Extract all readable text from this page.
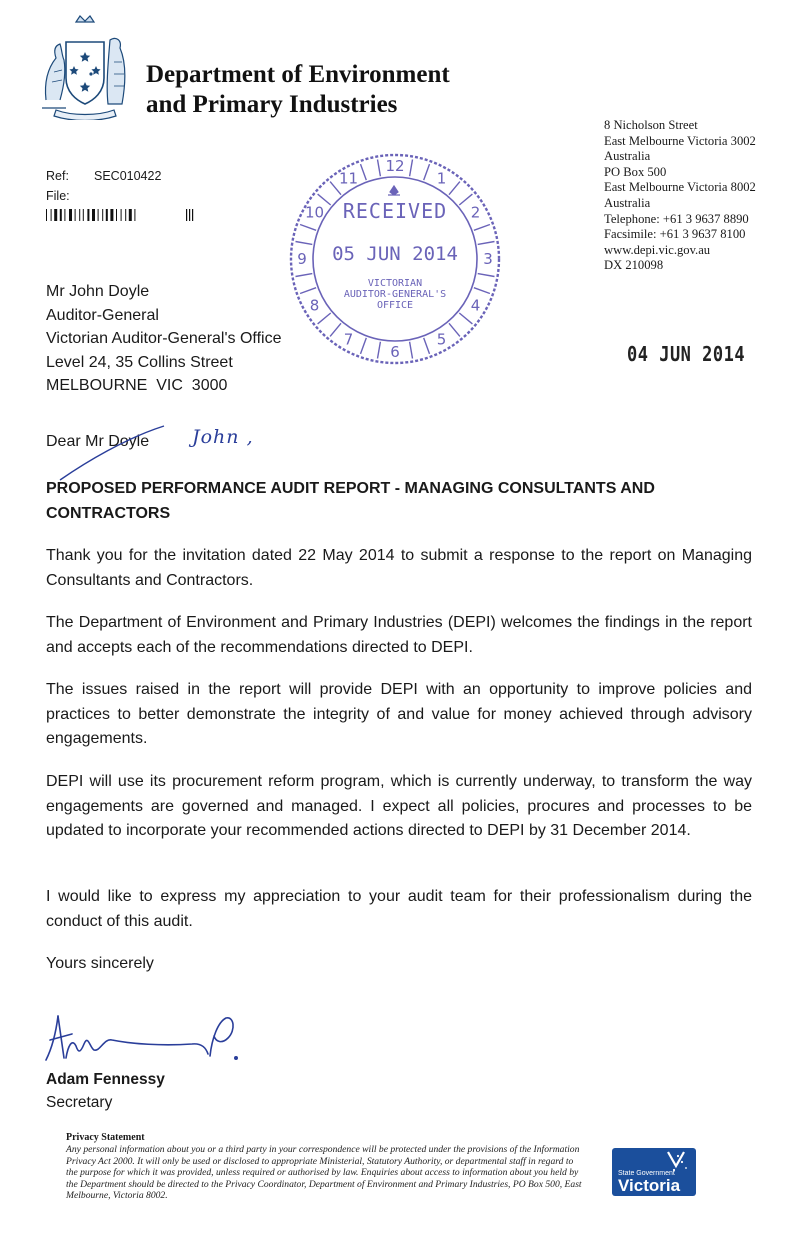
Department of Environment
and Primary Industries
8 Nicholson Street
East Melbourne Victoria 3002
Australia
PO Box 500
East Melbourne Victoria 8002
Australia
Telephone: +61 3 9637 8890
Facsimile: +61 3 9637 8100
www.depi.vic.gov.au
DX 210098
Ref: SEC010422
File:
12
1
2
3
4
5
6
7
8
9
10
11
RECEIVED
05 JUN 2014
VICTORIAN
AUDITOR-GENERAL'S
OFFICE
Mr John Doyle
Auditor-General
Victorian Auditor-General's Office
Level 24, 35 Collins Street
MELBOURNE  VIC  3000
04 JUN 2014
Dear Mr Doyle John ,
PROPOSED PERFORMANCE AUDIT REPORT - MANAGING CONSULTANTS AND CONTRACTORS
Thank you for the invitation dated 22 May 2014 to submit a response to the report on Managing Consultants and Contractors.
The Department of Environment and Primary Industries (DEPI) welcomes the findings in the report and accepts each of the recommendations directed to DEPI.
The issues raised in the report will provide DEPI with an opportunity to improve policies and practices to better demonstrate the integrity of and value for money achieved through advisory engagements.
DEPI will use its procurement reform program, which is currently underway, to transform the way engagements are governed and managed. I expect all policies, procures and processes to be updated to incorporate your recommended actions directed to DEPI by 31 December 2014.
I would like to express my appreciation to your audit team for their professionalism during the conduct of this audit.
Yours sincerely
Adam Fennessy
Secretary
Privacy Statement
Any personal information about you or a third party in your correspondence will be protected under the provisions of the Information Privacy Act 2000. It will only be used or disclosed to appropriate Ministerial, Statutory Authority, or departmental staff in regard to the purpose for which it was provided, unless required or authorised by law. Enquiries about access to information about you held by the Department should be directed to the Privacy Coordinator, Department of Environment and Primary Industries, PO Box 500, East Melbourne, Victoria 8002.
State Government
Victoria
